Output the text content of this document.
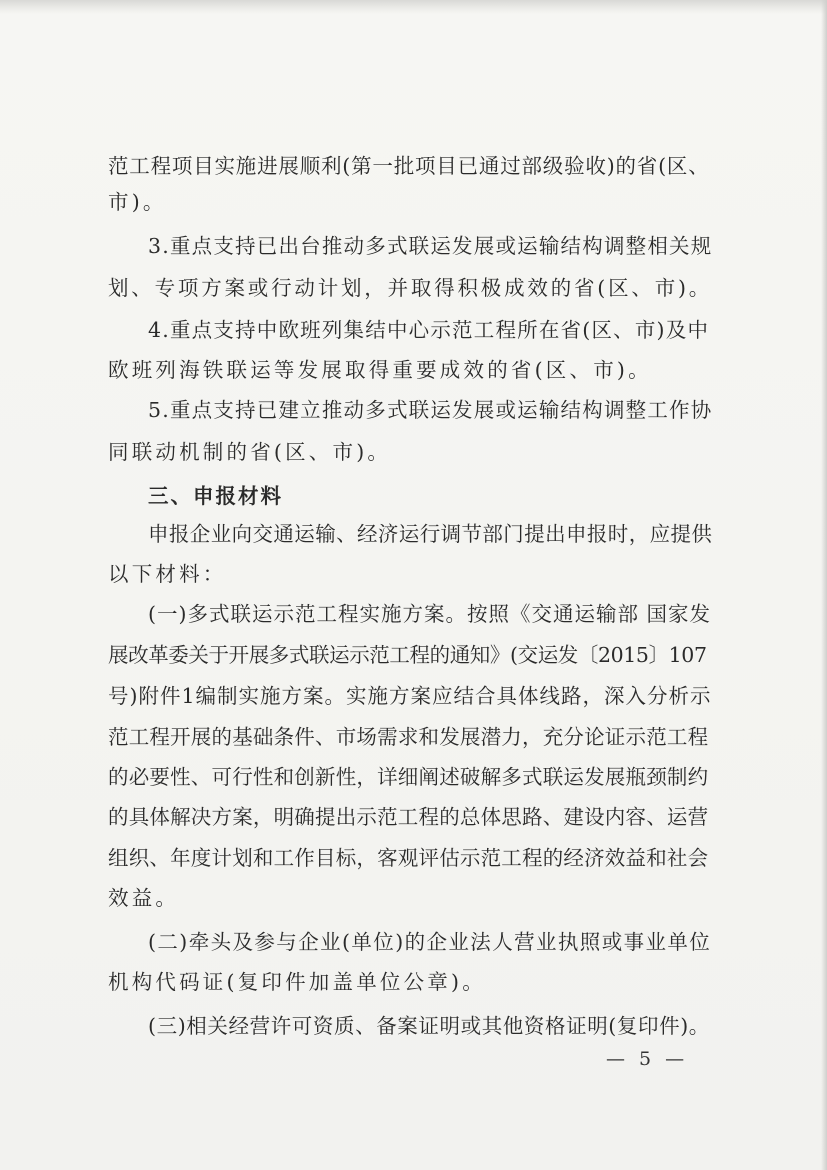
范工程项目实施进展顺利(第一批项目已通过部级验收)的省(区、
市)。
3.重点支持已出台推动多式联运发展或运输结构调整相关规
划、专项方案或行动计划，并取得积极成效的省(区、市)。
4.重点支持中欧班列集结中心示范工程所在省(区、市)及中
欧班列海铁联运等发展取得重要成效的省(区、市)。
5.重点支持已建立推动多式联运发展或运输结构调整工作协
同联动机制的省(区、市)。
三、申报材料
申报企业向交通运输、经济运行调节部门提出申报时，应提供
以下材料：
(一)多式联运示范工程实施方案。按照《交通运输部 国家发
展改革委关于开展多式联运示范工程的通知》(交运发〔2015〕107
号)附件1编制实施方案。实施方案应结合具体线路，深入分析示
范工程开展的基础条件、市场需求和发展潜力，充分论证示范工程
的必要性、可行性和创新性，详细阐述破解多式联运发展瓶颈制约
的具体解决方案，明确提出示范工程的总体思路、建设内容、运营
组织、年度计划和工作目标，客观评估示范工程的经济效益和社会
效益。
(二)牵头及参与企业(单位)的企业法人营业执照或事业单位
机构代码证(复印件加盖单位公章)。
(三)相关经营许可资质、备案证明或其他资格证明(复印件)。
— 5 —
